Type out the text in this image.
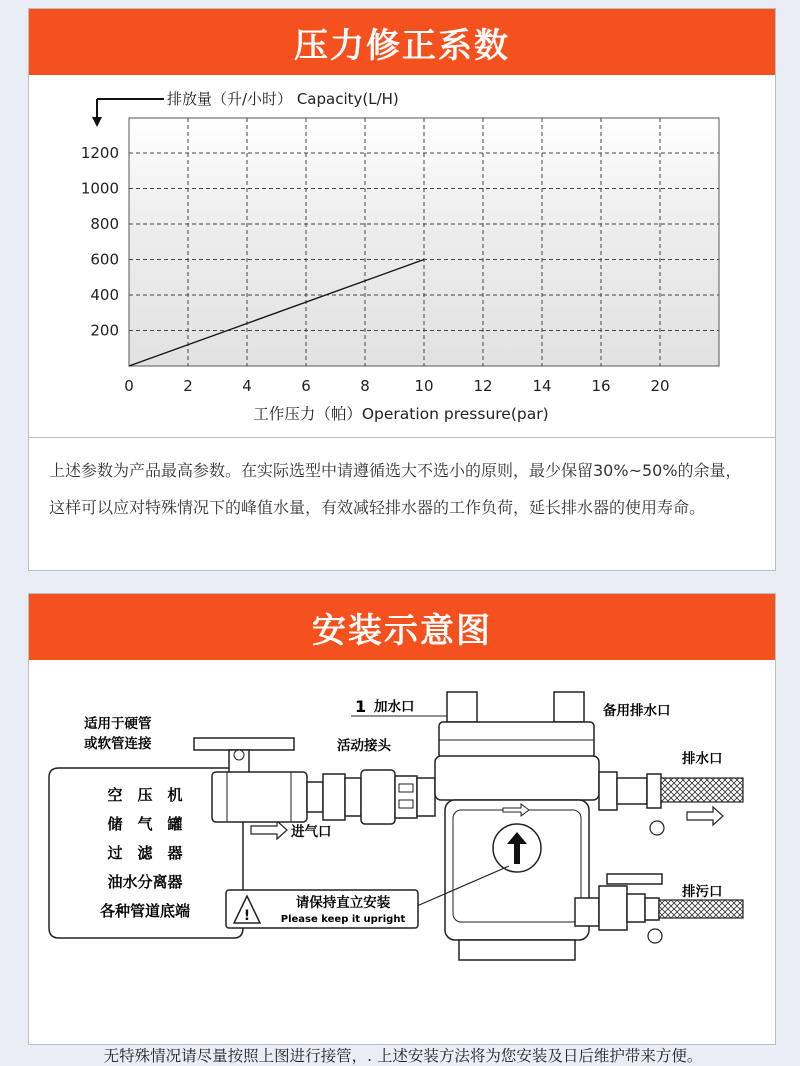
压力修正系数
排放量（升/小时） Capacity(L/H)
200
400
600
800
1000
1200
0	2	4	6	8	10	12	14	16	20
工作压力（帕）Operation pressure(par)
上述参数为产品最高参数。在实际选型中请遵循选大不选小的原则，最少保留30%~50%的余量，这样可以应对特殊情况下的峰值水量，有效减轻排水器的工作负荷，延长排水器的使用寿命。
安装示意图
空　压　机
储　气　罐
过　滤　器
油水分离器
各种管道底端
适用于硬管
或软管连接	活动接头
1 加水口	备用排水口
排水口
排污口
进气口
!
请保持直立安装
Please keep it upright
无特殊情况请尽量按照上图进行接管，. 上述安装方法将为您安装及日后维护带来方便。
